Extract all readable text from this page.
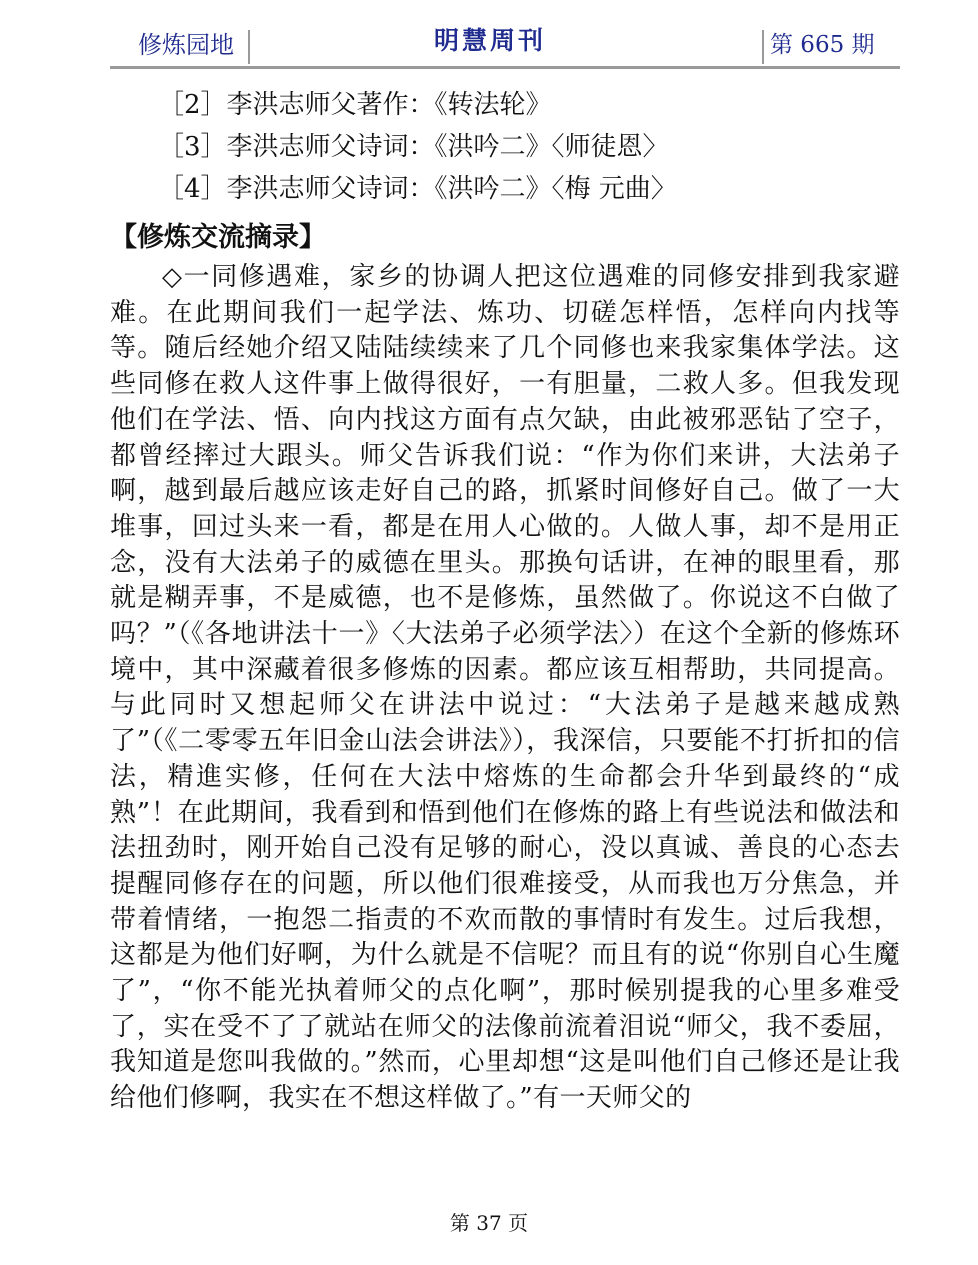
修炼园地	明慧周刊	第 665 期
［2］李洪志师父著作：《转法轮》
［3］李洪志师父诗词：《洪吟二》〈师徒恩〉
［4］李洪志师父诗词：《洪吟二》〈梅 元曲〉
【修炼交流摘录】

◇一同修遇难，家乡的协调人把这位遇难的同修安排到我家避难。在此期间我们一起学法、炼功、切磋怎样悟，怎样向内找等等。随后经她介绍又陆陆续续来了几个同修也来我家集体学法。这些同修在救人这件事上做得很好，一有胆量，二救人多。但我发现他们在学法、悟、向内找这方面有点欠缺，由此被邪恶钻了空子，都曾经摔过大跟头。师父告诉我们说：“作为你们来讲，大法弟子啊，越到最后越应该走好自己的路，抓紧时间修好自己。做了一大堆事，回过头来一看，都是在用人心做的。人做人事，却不是用正念，没有大法弟子的威德在里头。那换句话讲，在神的眼里看，那就是糊弄事，不是威德，也不是修炼，虽然做了。你说这不白做了吗？”（《各地讲法十一》〈大法弟子必须学法〉）在这个全新的修炼环境中，其中深藏着很多修炼的因素。都应该互相帮助，共同提高。与此同时又想起师父在讲法中说过：“大法弟子是越来越成熟了”（《二零零五年旧金山法会讲法》），我深信，只要能不打折扣的信法，精進实修，任何在大法中熔炼的生命都会升华到最终的“成熟”！在此期间，我看到和悟到他们在修炼的路上有些说法和做法和法扭劲时，刚开始自己没有足够的耐心，没以真诚、善良的心态去提醒同修存在的问题，所以他们很难接受，从而我也万分焦急，并带着情绪，一抱怨二指责的不欢而散的事情时有发生。过后我想，这都是为他们好啊，为什么就是不信呢？而且有的说“你别自心生魔了”，“你不能光执着师父的点化啊”，那时候别提我的心里多难受了，实在受不了了就站在师父的法像前流着泪说“师父，我不委屈，我知道是您叫我做的。”然而，心里却想“这是叫他们自己修还是让我给他们修啊，我实在不想这样做了。”有一天师父的

第 37 页
